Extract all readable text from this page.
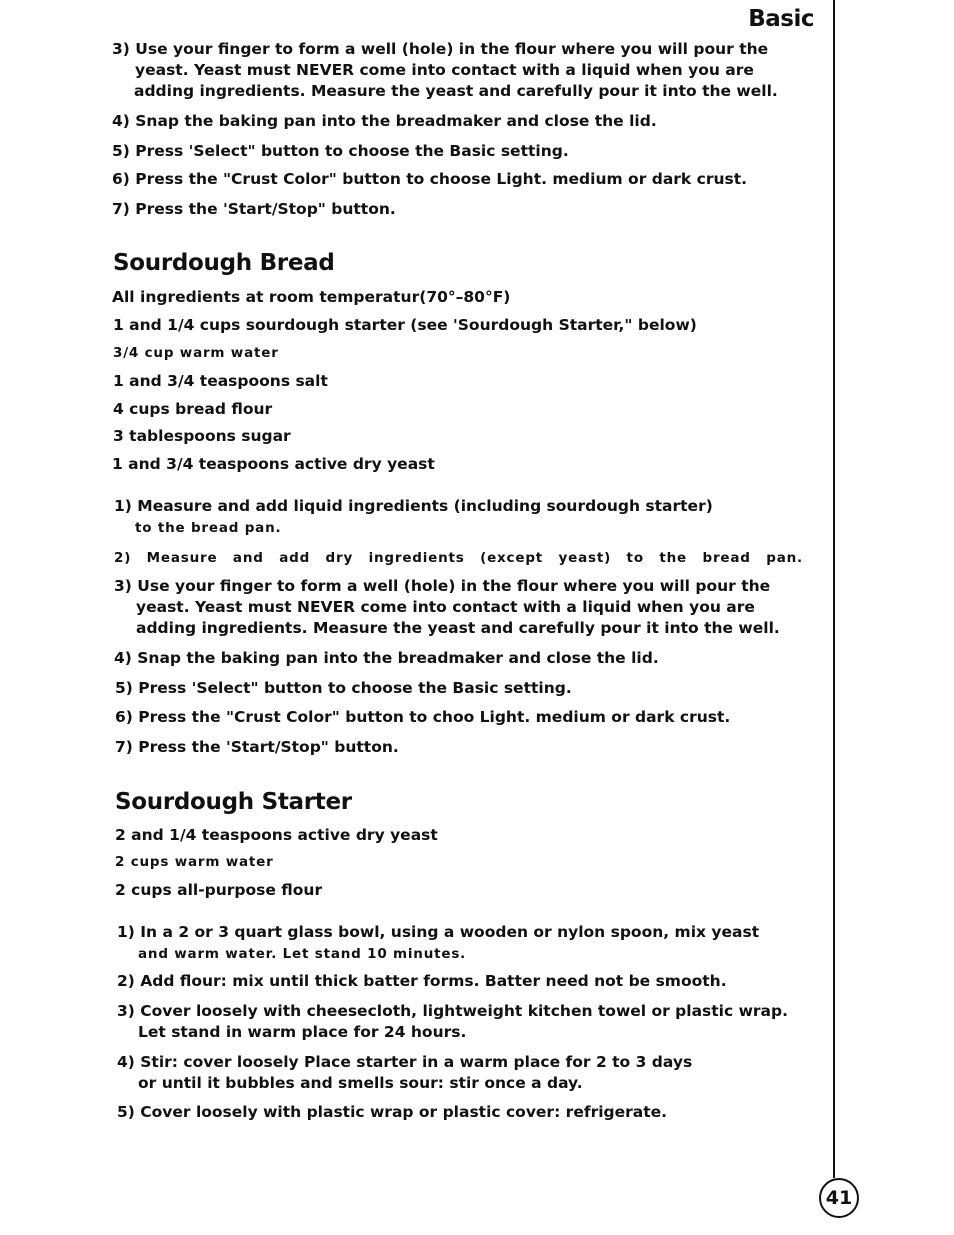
Basic
3) Use your finger to form a well (hole) in the flour where you will pour the
yeast. Yeast must NEVER come into contact with a liquid when you are
adding ingredients. Measure the yeast and carefully pour it into the well.
4) Snap the baking pan into the breadmaker and close the lid.
5) Press 'Select" button to choose the Basic setting.
6) Press the "Crust Color" button to choose Light. medium or dark crust.
7) Press the 'Start/Stop" button.
Sourdough Bread
All ingredients at room temperatur(70°–80°F)
1 and 1/4 cups sourdough starter (see 'Sourdough Starter," below)
3/4 cup warm water
1 and 3/4 teaspoons salt
4 cups bread flour
3 tablespoons sugar
1 and 3/4 teaspoons active dry yeast
1) Measure and add liquid ingredients (including sourdough starter)
to the bread pan.
2) Measure and add dry ingredients (except yeast) to the bread pan.
3) Use your finger to form a well (hole) in the flour where you will pour the
yeast. Yeast must NEVER come into contact with a liquid when you are
adding ingredients. Measure the yeast and carefully pour it into the well.
4) Snap the baking pan into the breadmaker and close the lid.
5) Press 'Select" button to choose the Basic setting.
6) Press the "Crust Color" button to choo Light. medium or dark crust.
7) Press the 'Start/Stop" button.
Sourdough Starter
2 and 1/4 teaspoons active dry yeast
2 cups warm water
2 cups all-purpose flour
1) In a 2 or 3 quart glass bowl, using a wooden or nylon spoon, mix yeast
and warm water. Let stand 10 minutes.
2) Add flour: mix until thick batter forms. Batter need not be smooth.
3) Cover loosely with cheesecloth, lightweight kitchen towel or plastic wrap.
Let stand in warm place for 24 hours.
4) Stir: cover loosely Place starter in a warm place for 2 to 3 days
or until it bubbles and smells sour: stir once a day.
5) Cover loosely with plastic wrap or plastic cover: refrigerate.
41
